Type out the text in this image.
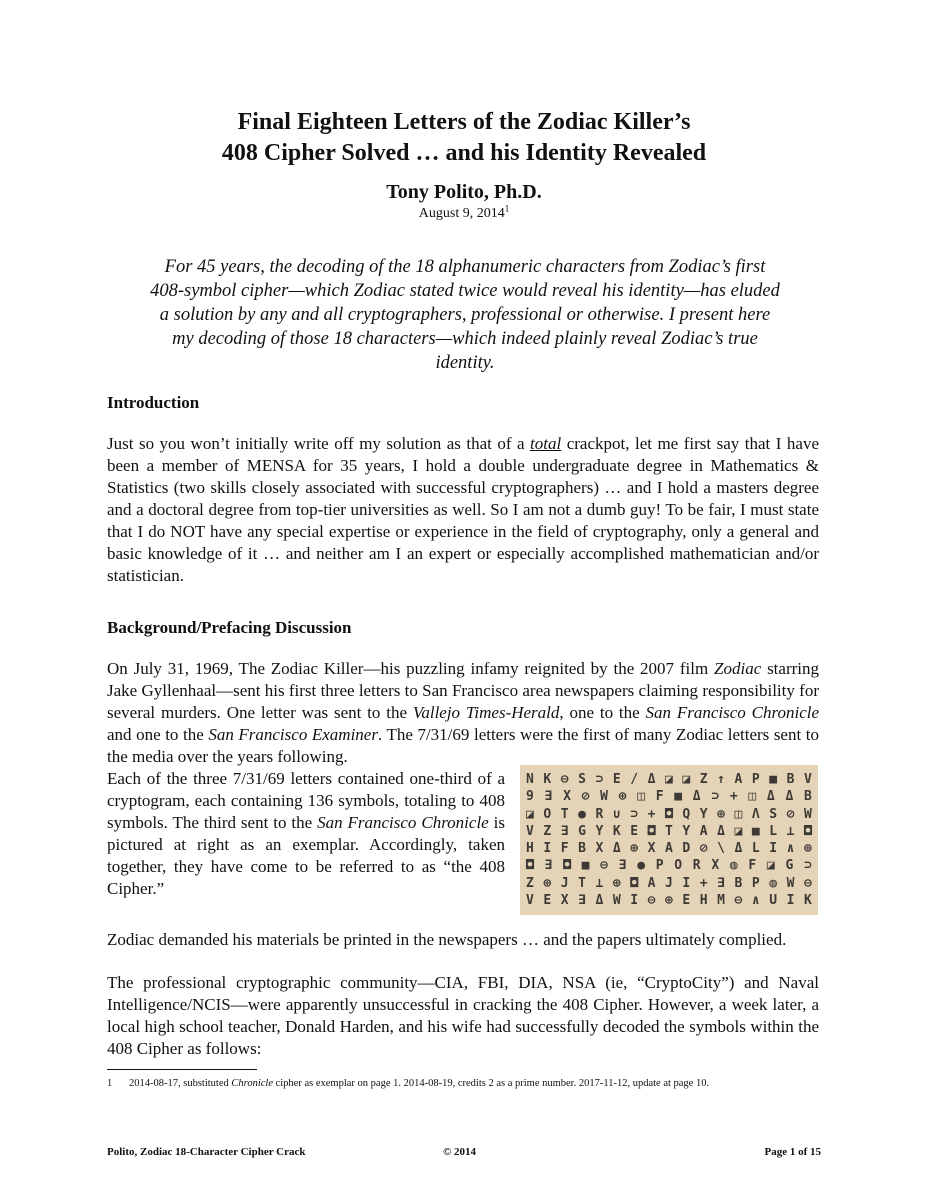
Final Eighteen Letters of the Zodiac Killer’s
408 Cipher Solved … and his Identity Revealed
Tony Polito, Ph.D.
August 9, 2014$^1$
For 45 years, the decoding of the 18 alphanumeric characters from Zodiac’s first 408-symbol cipher—which Zodiac stated twice would reveal his identity—has eluded a solution by any and all cryptographers, professional or otherwise. I present here my decoding of those 18 characters—which indeed plainly reveal Zodiac’s true identity.
Introduction
Just so you won’t initially write off my solution as that of a total crackpot, let me first say that I have been a member of MENSA for 35 years, I hold a double undergraduate degree in Mathematics & Statistics (two skills closely associated with successful cryptographers) … and I hold a masters degree and a doctoral degree from top-tier universities as well. So I am not a dumb guy! To be fair, I must state that I do NOT have any special expertise or experience in the field of cryptography, only a general and basic knowledge of it … and neither am I an expert or especially accomplished mathematician and/or statistician.
Background/Prefacing Discussion
On July 31, 1969, The Zodiac Killer—his puzzling infamy reignited by the 2007 film Zodiac starring Jake Gyllenhaal—sent his first three letters to San Francisco area newspapers claiming responsibility for several murders. One letter was sent to the Vallejo Times-Herald, one to the San Francisco Chronicle and one to the San Francisco Examiner. The 7/31/69 letters were the first of many Zodiac letters sent to the media over the years following.
Each of the three 7/31/69 letters contained one-third of a cryptogram, each containing 136 symbols, totaling to 408 symbols. The third sent to the San Francisco Chronicle is pictured at right as an exemplar. Accordingly, taken together, they have come to be referred to as “the 408 Cipher.”
N K ⊖ S ⊃ E / Δ ◪ ◪ Z ↑ A P ■ B V
9 ∃ X ⊘ W ⊕ ◫ F ■ Δ ⊃ + ◫ Δ Δ B
◪ O T ● R ∪ ⊃ + ◘ Q Y ⊕ ◫ Λ S ⊘ W
V Z ∃ G Y K E ◘ T Y A Δ ◪ ■ L ⊥ ◘
H I F B X Δ ⊕ X A D ⊘ \ Δ L I ∧ ⊕
◘ ∃ ◘ ■ ⊖ ∃ ● P O R X ◍ F ◪ G ⊃
Z ⊕ J T ⊥ ⊕ ◘ A J I + ∃ B P ◍ W ⊖
V E X ∃ Δ W I ⊖ ⊕ E H M ⊖ ∧ U I K
Zodiac demanded his materials be printed in the newspapers … and the papers ultimately complied.
The professional cryptographic community—CIA, FBI, DIA, NSA (ie, “CryptoCity”) and Naval Intelligence/NCIS—were apparently unsuccessful in cracking the 408 Cipher. However, a week later, a local high school teacher, Donald Harden, and his wife had successfully decoded the symbols within the 408 Cipher as follows:
1 2014-08-17, substituted Chronicle cipher as exemplar on page 1. 2014-08-19, credits 2 as a prime number. 2017-11-12, update at page 10.
Polito, Zodiac 18-Character Cipher Crack	© 2014	Page 1 of 15
